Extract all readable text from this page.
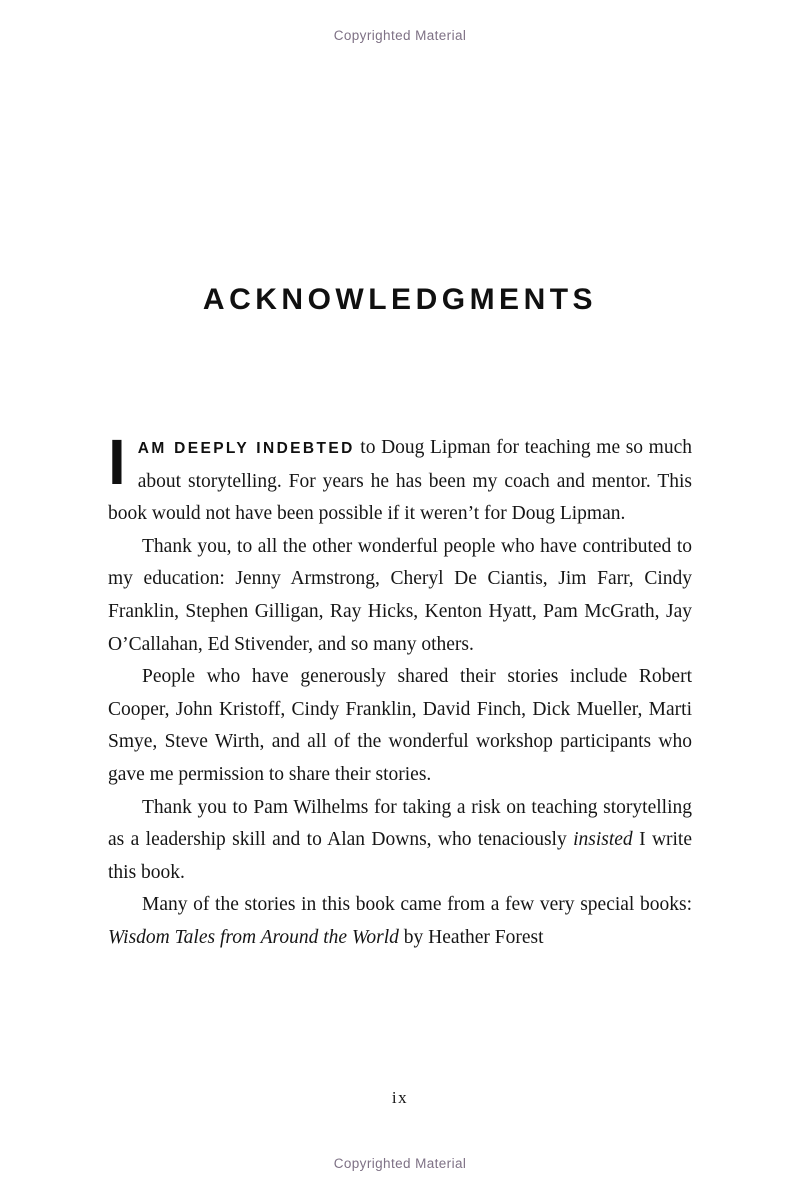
Copyrighted Material
ACKNOWLEDGMENTS

IAM DEEPLY INDEBTED to Doug Lipman for teaching me so much about storytelling. For years he has been my coach and mentor. This book would not have been possible if it weren’t for Doug Lipman.

Thank you, to all the other wonderful people who have contributed to my education: Jenny Armstrong, Cheryl De Ciantis, Jim Farr, Cindy Franklin, Stephen Gilligan, Ray Hicks, Kenton Hyatt, Pam McGrath, Jay O’Callahan, Ed Stivender, and so many others.

People who have generously shared their stories include Robert Cooper, John Kristoff, Cindy Franklin, David Finch, Dick Mueller, Marti Smye, Steve Wirth, and all of the wonderful workshop participants who gave me permission to share their stories.

Thank you to Pam Wilhelms for taking a risk on teaching storytelling as a leadership skill and to Alan Downs, who tenaciously insisted I write this book.

Many of the stories in this book came from a few very special books: Wisdom Tales from Around the World by Heather Forest

ix
Copyrighted Material
